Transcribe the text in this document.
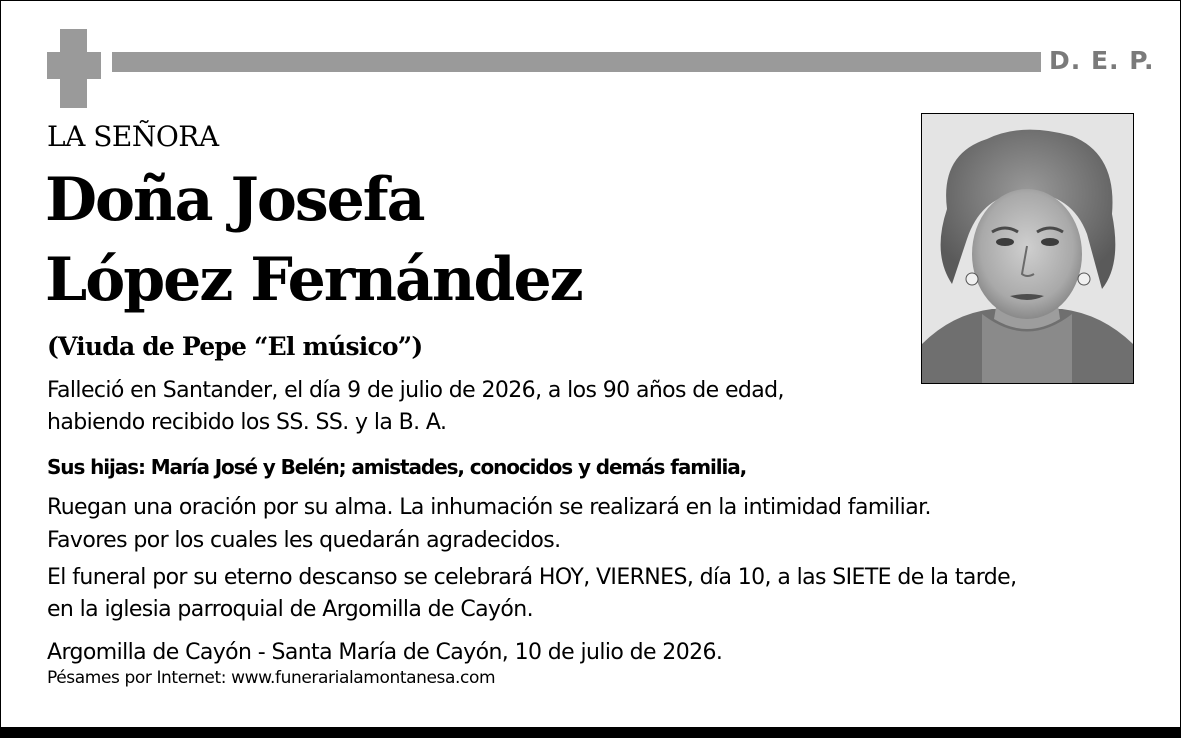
D. E. P.
LA SEÑORA
Doña Josefa
López Fernández
(Viuda de Pepe “El músico”)
Falleció en Santander, el día 9 de julio de 2026, a los 90 años de edad,
habiendo recibido los SS. SS. y la B. A.
Sus hijas: María José y Belén; amistades, conocidos y demás familia,
Ruegan una oración por su alma. La inhumación se realizará en la intimidad familiar.
Favores por los cuales les quedarán agradecidos.
El funeral por su eterno descanso se celebrará HOY, VIERNES, día 10, a las SIETE de la tarde,
en la iglesia parroquial de Argomilla de Cayón.
Argomilla de Cayón - Santa María de Cayón, 10 de julio de 2026.
Pésames por Internet: www.funerarialamontanesa.com
